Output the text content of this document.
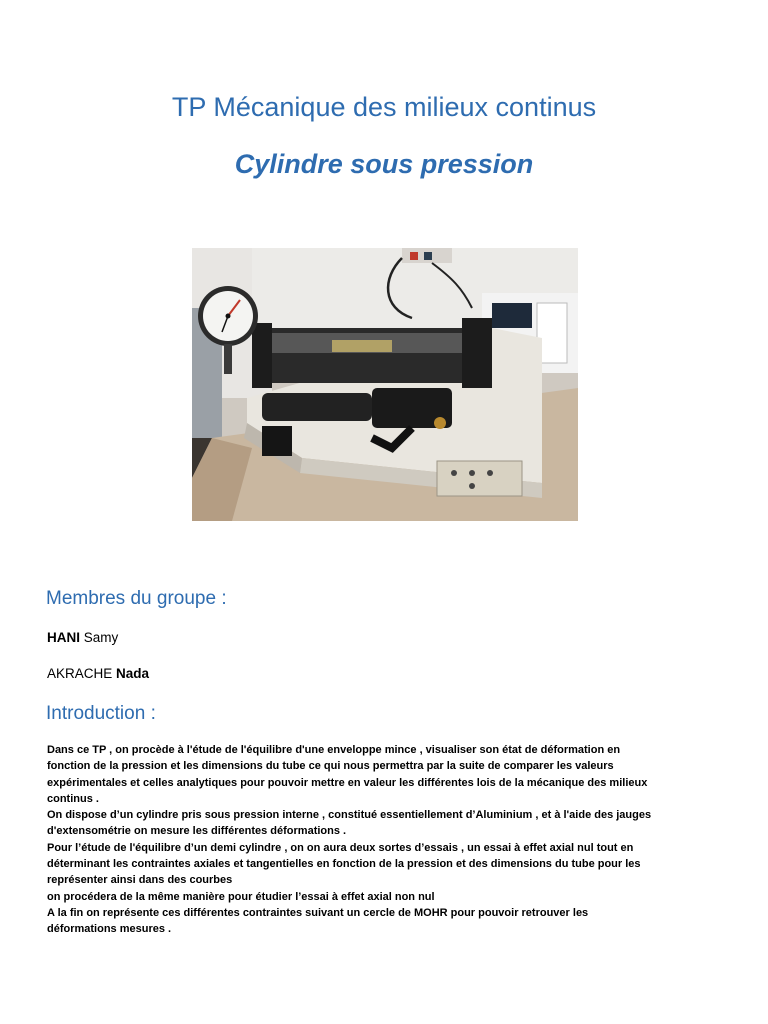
TP Mécanique des milieux continus
Cylindre sous pression
Membres du groupe :
HANI Samy
AKRACHE Nada
Introduction :
Dans ce TP , on procède à l'étude de l'équilibre d'une enveloppe mince , visualiser son état de déformation en
fonction de la pression et les dimensions du tube ce qui nous permettra par la suite de comparer les valeurs
expérimentales et celles analytiques pour pouvoir mettre en valeur les différentes lois de la mécanique des milieux
continus .
On dispose d’un cylindre pris sous pression interne , constitué essentiellement d’Aluminium , et à l'aide des jauges
d'extensométrie on mesure les différentes déformations .
Pour l’étude de l'équilibre d’un demi cylindre , on on aura deux sortes d’essais , un essai à effet axial nul tout en
déterminant les contraintes axiales et tangentielles en fonction de la pression et des dimensions du tube pour les
représenter ainsi dans des courbes
on procédera de la même manière pour étudier l’essai à effet axial non nul
A la fin on représente ces différentes contraintes suivant un cercle de MOHR pour pouvoir retrouver les
déformations mesures .
